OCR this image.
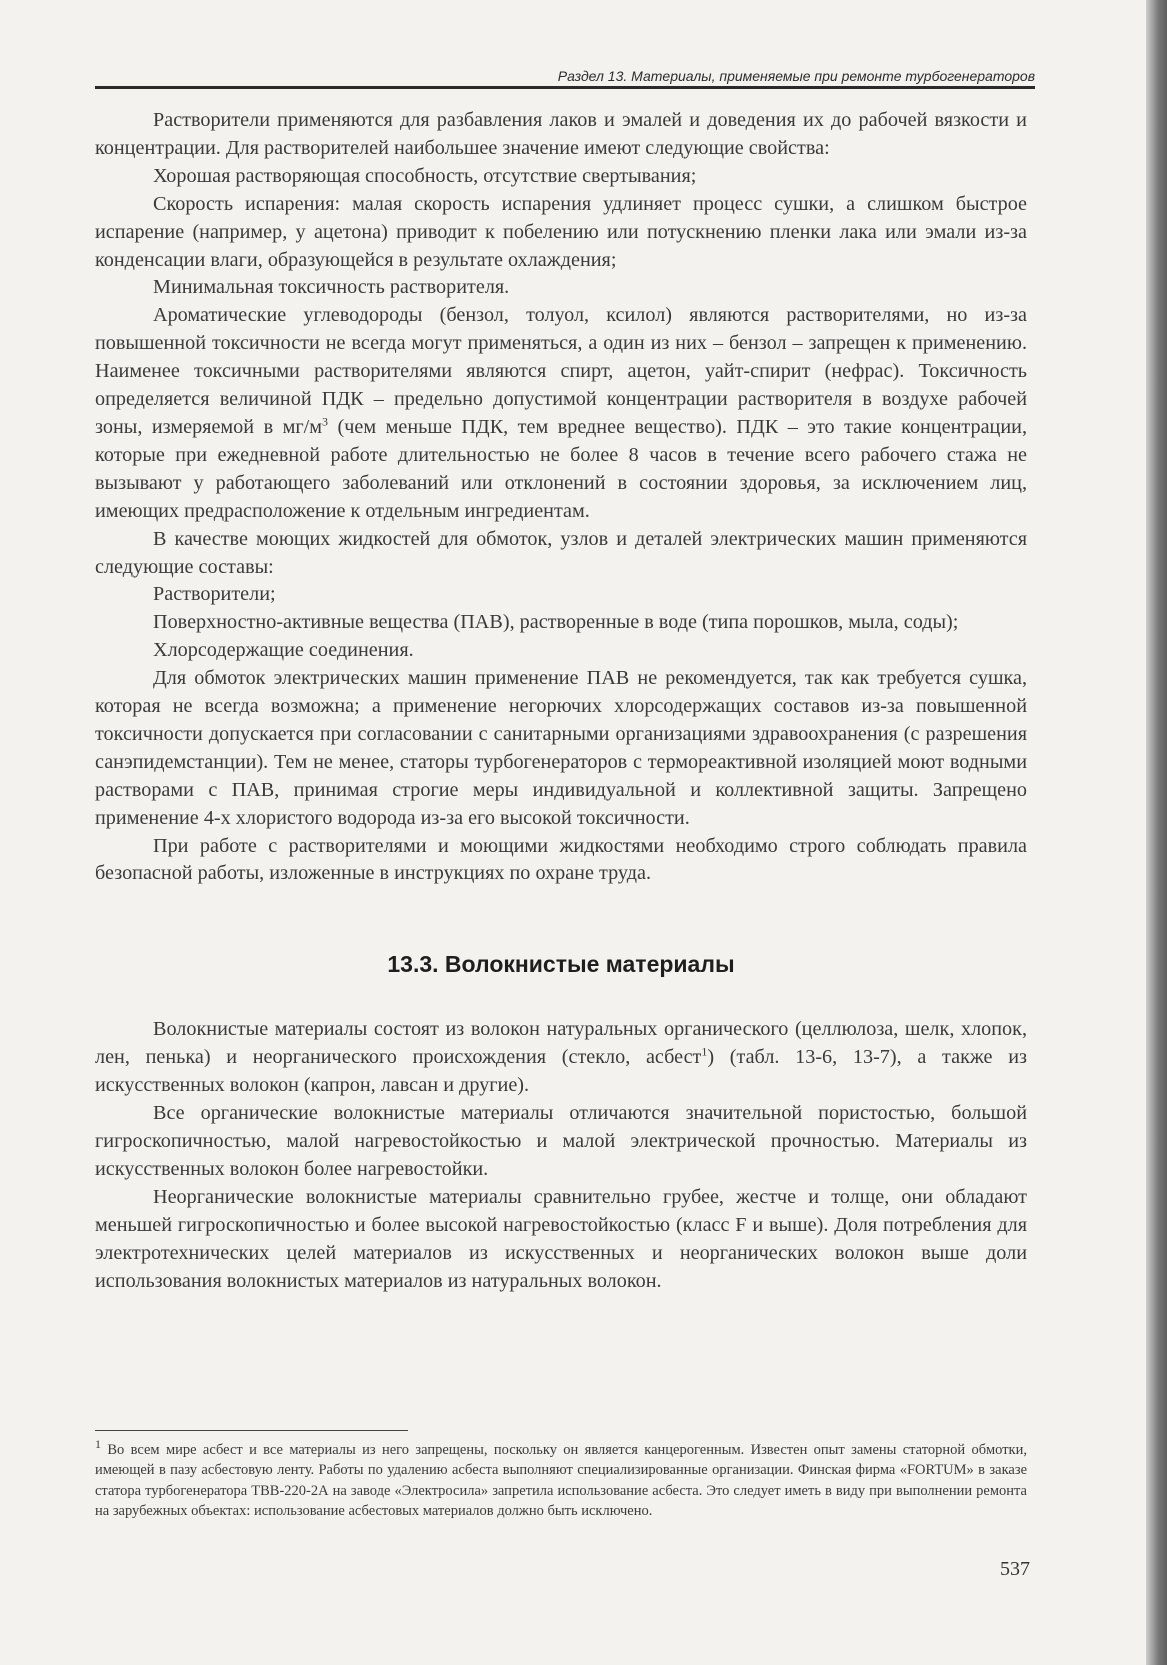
Раздел 13. Материалы, применяемые при ремонте турбогенераторов

Растворители применяются для разбавления лаков и эмалей и доведения их до рабочей вязкости и концентрации. Для растворителей наибольшее значение имеют следующие свойства:

Хорошая растворяющая способность, отсутствие свертывания;

Скорость испарения: малая скорость испарения удлиняет процесс сушки, а слишком быстрое испарение (например, у ацетона) приводит к побелению или потускнению пленки лака или эмали из-за конденсации влаги, образующейся в результате охлаждения;

Минимальная токсичность растворителя.

Ароматические углеводороды (бензол, толуол, ксилол) являются растворителями, но из-за повышенной токсичности не всегда могут применяться, а один из них – бензол – запрещен к применению. Наименее токсичными растворителями являются спирт, ацетон, уайт-спирит (нефрас). Токсичность определяется величиной ПДК – предельно допустимой концентрации растворителя в воздухе рабочей зоны, измеряемой в $мг/м^3$ (чем меньше ПДК, тем вреднее вещество). ПДК – это такие концентрации, которые при ежедневной работе длительностью не более 8 часов в течение всего рабочего стажа не вызывают у работающего заболеваний или отклонений в состоянии здоровья, за исключением лиц, имеющих предрасположение к отдельным ингредиентам.

В качестве моющих жидкостей для обмоток, узлов и деталей электрических машин применяются следующие составы:

Растворители;

Поверхностно-активные вещества (ПАВ), растворенные в воде (типа порошков, мыла, соды);

Хлорсодержащие соединения.

Для обмоток электрических машин применение ПАВ не рекомендуется, так как требуется сушка, которая не всегда возможна; а применение негорючих хлорсодержащих составов из-за повышенной токсичности допускается при согласовании с санитарными организациями здравоохранения (с разрешения санэпидемстанции). Тем не менее, статоры турбогенераторов с термореактивной изоляцией моют водными растворами с ПАВ, принимая строгие меры индивидуальной и коллективной защиты. Запрещено применение 4-х хлористого водорода из-за его высокой токсичности.

При работе с растворителями и моющими жидкостями необходимо строго соблюдать правила безопасной работы, изложенные в инструкциях по охране труда.

13.3. Волокнистые материалы

Волокнистые материалы состоят из волокон натуральных органического (целлюлоза, шелк, хлопок, лен, пенька) и неорганического происхождения (стекло, асбест$^1$) (табл. 13-6, 13-7), а также из искусственных волокон (капрон, лавсан и другие).

Все органические волокнистые материалы отличаются значительной пористостью, большой гигроскопичностью, малой нагревостойкостью и малой электрической прочностью. Материалы из искусственных волокон более нагревостойки.

Неорганические волокнистые материалы сравнительно грубее, жестче и толще, они обладают меньшей гигроскопичностью и более высокой нагревостойкостью (класс F и выше). Доля потребления для электротехнических целей материалов из искусственных и неорганических волокон выше доли использования волокнистых материалов из натуральных волокон.

$^1$ Во всем мире асбест и все материалы из него запрещены, поскольку он является канцерогенным. Известен опыт замены статорной обмотки, имеющей в пазу асбестовую ленту. Работы по удалению асбеста выполняют специализированные организации. Финская фирма «FORTUM» в заказе статора турбогенератора ТВВ-220-2А на заводе «Электросила» запретила использование асбеста. Это следует иметь в виду при выполнении ремонта на зарубежных объектах: использование асбестовых материалов должно быть исключено.

537
